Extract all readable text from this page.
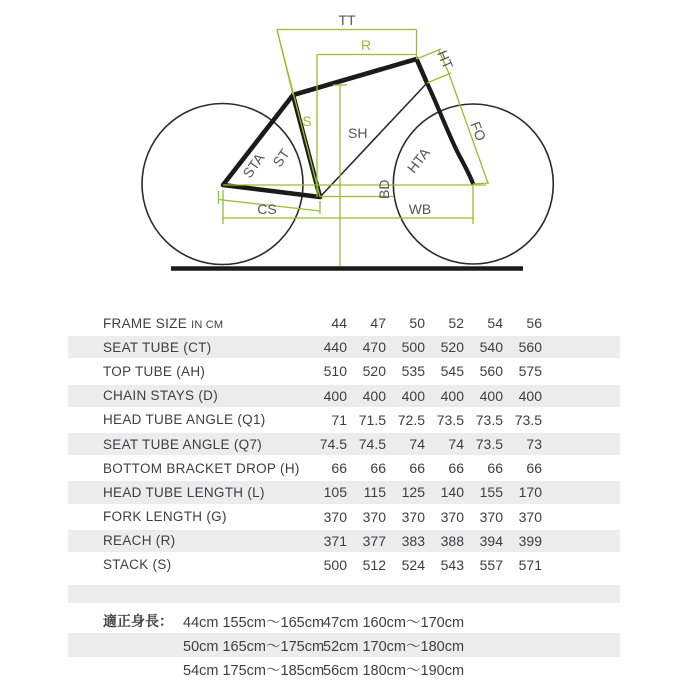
TT
R
HT
FO
S
SH
STA ST	HTA
BD
WB
CS
FRAME SIZE IN CM	44	47	50	52	54	56
SEAT TUBE (CT)	440	470	500	520	540	560
TOP TUBE (AH)	510	520	535	545	560	575
CHAIN STAYS (D)	400	400	400	400	400	400
HEAD TUBE ANGLE (Q1)	71 71.5 72.5 73.5 73.5 73.5
SEAT TUBE ANGLE (Q7)	74.5 74.5	74	74 73.5	73
BOTTOM BRACKET DROP (H)	66	66	66	66	66	66
HEAD TUBE LENGTH (L)	105	115	125	140	155	170
FORK LENGTH (G)	370	370	370	370	370	370
REACH (R)	371	377	383	388	394	399
STACK (S)	500	512	524	543	557	571
適正身長： 44cm 155cm〜165cm
47cm 160cm〜170cm
50cm 165cm〜175cm
52cm 170cm〜180cm
54cm 175cm〜185cm
56cm 180cm〜190cm
